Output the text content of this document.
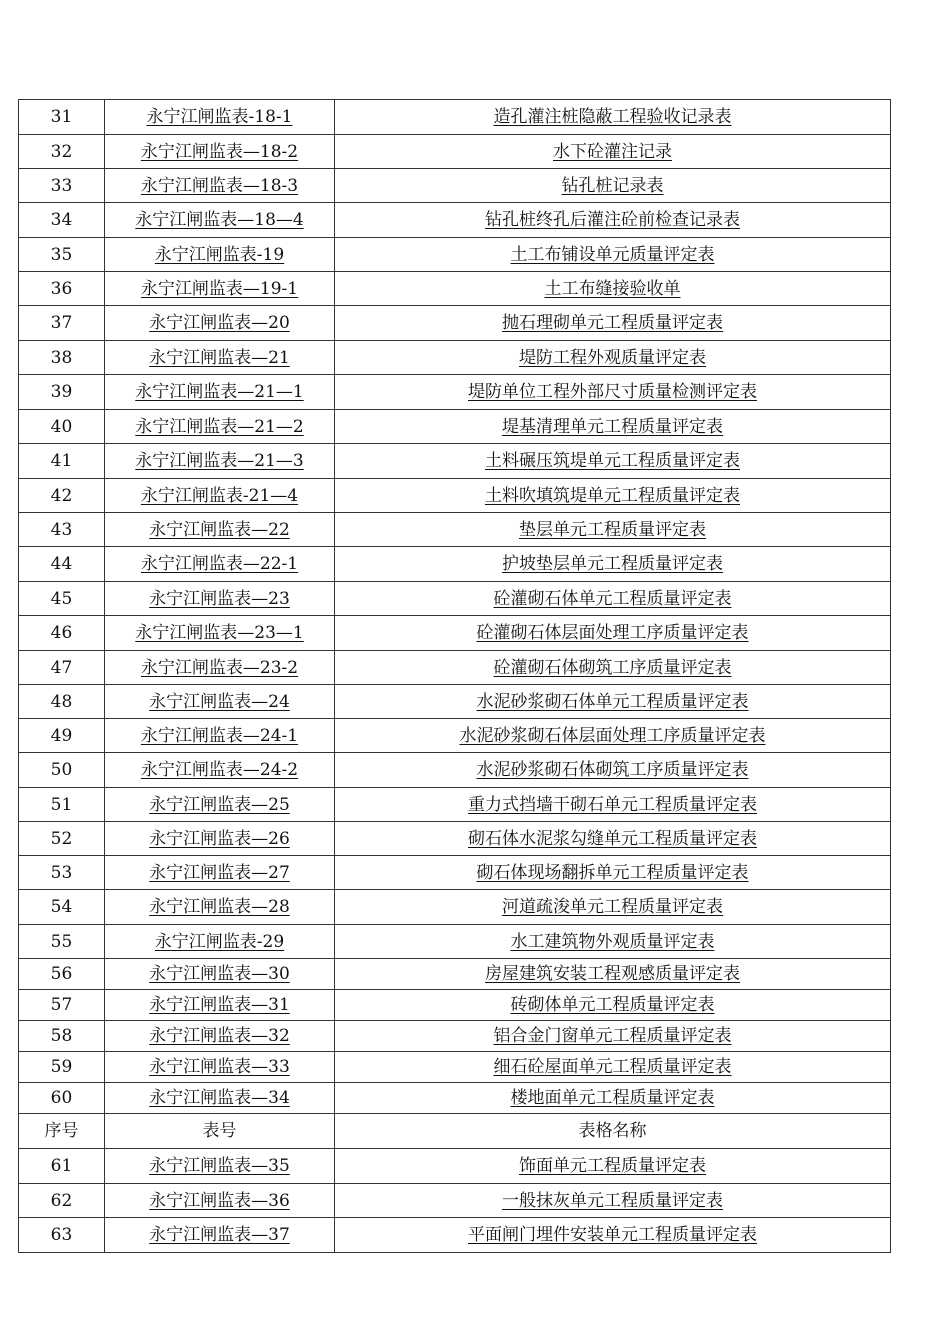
31	永宁江闸监表-18-1	造孔灌注桩隐蔽工程验收记录表
32	永宁江闸监表—18-2	水下砼灌注记录
33	永宁江闸监表—18-3	钻孔桩记录表
34	永宁江闸监表—18—4	钻孔桩终孔后灌注砼前检查记录表
35	永宁江闸监表-19	土工布铺设单元质量评定表
36	永宁江闸监表—19-1	土工布缝接验收单
37	永宁江闸监表—20	抛石理砌单元工程质量评定表
38	永宁江闸监表—21	堤防工程外观质量评定表
39	永宁江闸监表—21—1	堤防单位工程外部尺寸质量检测评定表
40	永宁江闸监表—21—2	堤基清理单元工程质量评定表
41	永宁江闸监表—21—3	土料碾压筑堤单元工程质量评定表
42	永宁江闸监表-21—4	土料吹填筑堤单元工程质量评定表
43	永宁江闸监表—22	垫层单元工程质量评定表
44	永宁江闸监表—22-1	护坡垫层单元工程质量评定表
45	永宁江闸监表—23	砼灌砌石体单元工程质量评定表
46	永宁江闸监表—23—1	砼灌砌石体层面处理工序质量评定表
47	永宁江闸监表—23-2	砼灌砌石体砌筑工序质量评定表
48	永宁江闸监表—24	水泥砂浆砌石体单元工程质量评定表
49	永宁江闸监表—24-1	水泥砂浆砌石体层面处理工序质量评定表
50	永宁江闸监表—24-2	水泥砂浆砌石体砌筑工序质量评定表
51	永宁江闸监表—25	重力式挡墙干砌石单元工程质量评定表
52	永宁江闸监表—26	砌石体水泥浆勾缝单元工程质量评定表
53	永宁江闸监表—27	砌石体现场翻拆单元工程质量评定表
54	永宁江闸监表—28	河道疏浚单元工程质量评定表
55	永宁江闸监表-29	水工建筑物外观质量评定表
56	永宁江闸监表—30	房屋建筑安装工程观感质量评定表
57	永宁江闸监表—31	砖砌体单元工程质量评定表
58	永宁江闸监表—32	铝合金门窗单元工程质量评定表
59	永宁江闸监表—33	细石砼屋面单元工程质量评定表
60	永宁江闸监表—34	楼地面单元工程质量评定表
序号	表号	表格名称
61	永宁江闸监表—35	饰面单元工程质量评定表
62	永宁江闸监表—36	一般抹灰单元工程质量评定表
63	永宁江闸监表—37	平面闸门埋件安装单元工程质量评定表
